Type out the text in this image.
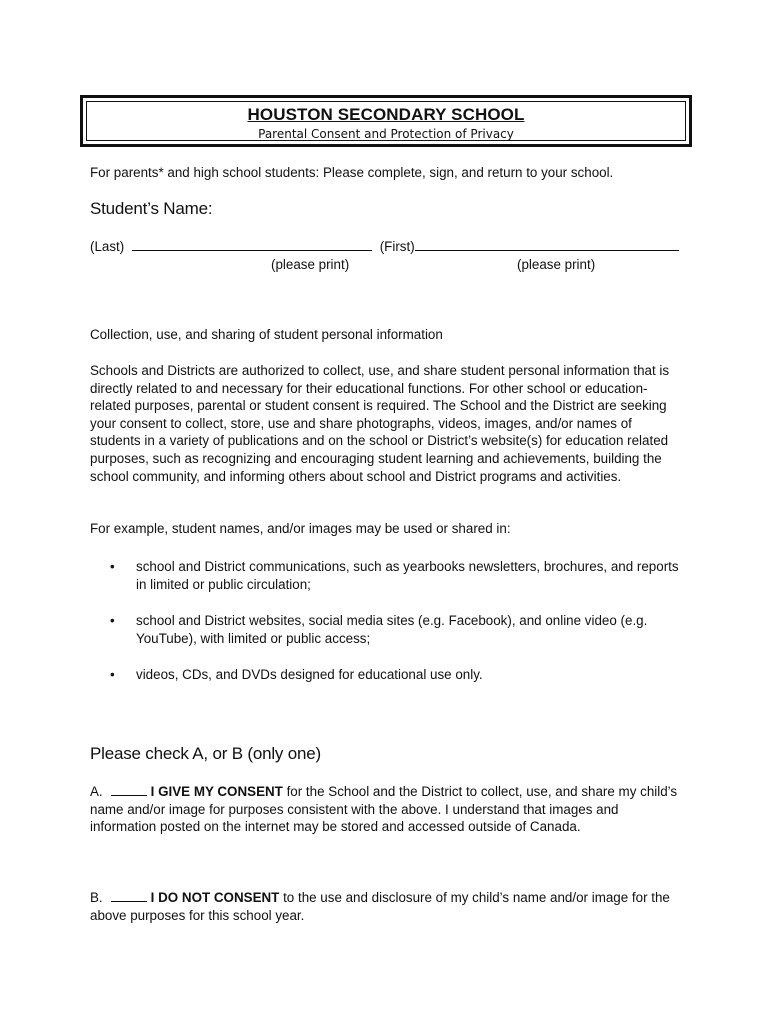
HOUSTON SECONDARY SCHOOL
Parental Consent and Protection of Privacy
For parents* and high school students: Please complete, sign, and return to your school.
Student’s Name:
(Last)	(First)
(please print)	(please print)
Collection, use, and sharing of student personal information
Schools and Districts are authorized to collect, use, and share student personal information that is directly related to and necessary for their educational functions. For other school or education-related purposes, parental or student consent is required. The School and the District are seeking your consent to collect, store, use and share photographs, videos, images, and/or names of students in a variety of publications and on the school or District’s website(s) for education related purposes, such as recognizing and encouraging student learning and achievements, building the school community, and informing others about school and District programs and activities.
For example, student names, and/or images may be used or shared in:
• school and District communications, such as yearbooks newsletters, brochures, and reports in limited or public circulation;
• school and District websites, social media sites (e.g. Facebook), and online video (e.g. YouTube), with limited or public access;
• videos, CDs, and DVDs designed for educational use only.
Please check A, or B (only one)
A.	I GIVE MY CONSENT for the School and the District to collect, use, and share my child’s name and/or image for purposes consistent with the above. I understand that images and information posted on the internet may be stored and accessed outside of Canada.
B.	I DO NOT CONSENT to the use and disclosure of my child’s name and/or image for the above purposes for this school year.
